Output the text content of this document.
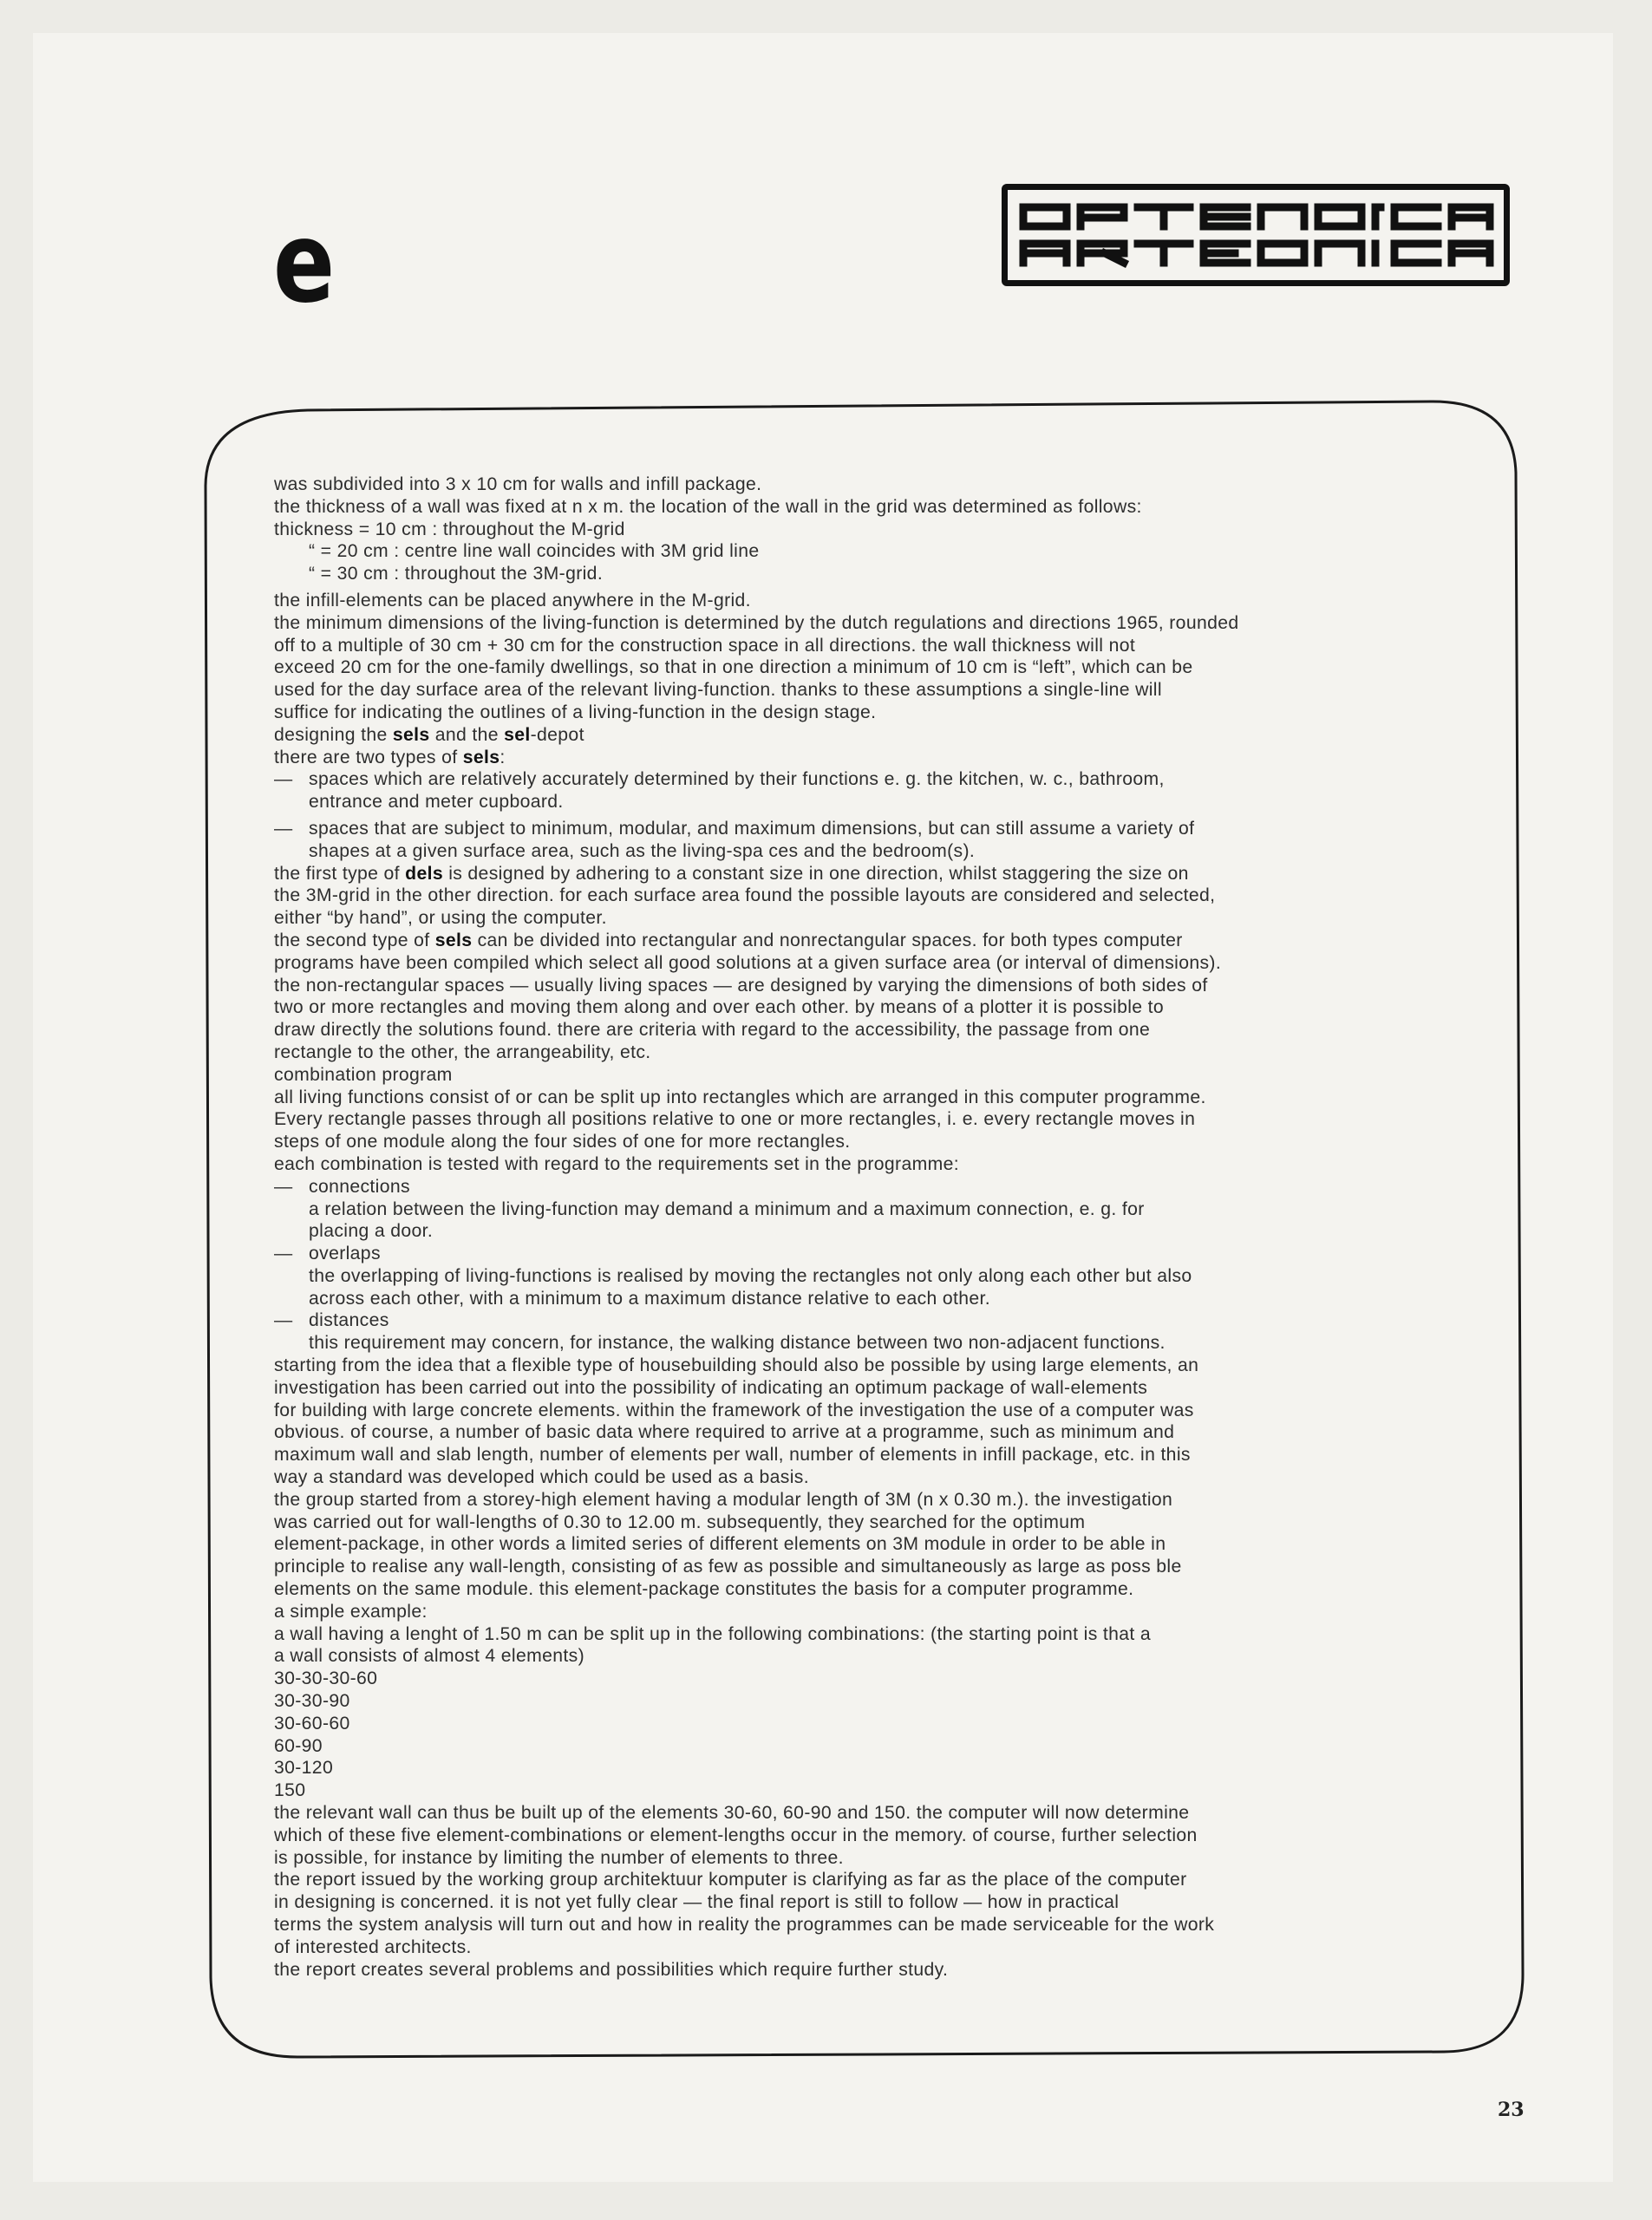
e
was subdivided into 3 x 10 cm for walls and infill package.
the thickness of a wall was fixed at n x m. the location of the wall in the grid was determined as follows:
thickness = 10 cm : throughout the M-grid
“ = 20 cm : centre line wall coincides with 3M grid line
“ = 30 cm : throughout the 3M-grid.
the infill-elements can be placed anywhere in the M-grid.
the minimum dimensions of the living-function is determined by the dutch regulations and directions 1965, rounded
off to a multiple of 30 cm + 30 cm for the construction space in all directions. the wall thickness will not
exceed 20 cm for the one-family dwellings, so that in one direction a minimum of 10 cm is “left”, which can be
used for the day surface area of the relevant living-function. thanks to these assumptions a single-line will
suffice for indicating the outlines of a living-function in the design stage.
designing the sels and the sel-depot
there are two types of sels:
— spaces which are relatively accurately determined by their functions e. g. the kitchen, w. c., bathroom,
entrance and meter cupboard.
— spaces that are subject to minimum, modular, and maximum dimensions, but can still assume a variety of
shapes at a given surface area, such as the living-spa ces and the bedroom(s).
the first type of dels is designed by adhering to a constant size in one direction, whilst staggering the size on
the 3M-grid in the other direction. for each surface area found the possible layouts are considered and selected,
either “by hand”, or using the computer.
the second type of sels can be divided into rectangular and nonrectangular spaces. for both types computer
programs have been compiled which select all good solutions at a given surface area (or interval of dimensions).
the non-rectangular spaces — usually living spaces — are designed by varying the dimensions of both sides of
two or more rectangles and moving them along and over each other. by means of a plotter it is possible to
draw directly the solutions found. there are criteria with regard to the accessibility, the passage from one
rectangle to the other, the arrangeability, etc.
combination program
all living functions consist of or can be split up into rectangles which are arranged in this computer programme.
Every rectangle passes through all positions relative to one or more rectangles, i. e. every rectangle moves in
steps of one module along the four sides of one for more rectangles.
each combination is tested with regard to the requirements set in the programme:
— connections
a relation between the living-function may demand a minimum and a maximum connection, e. g. for
placing a door.
— overlaps
the overlapping of living-functions is realised by moving the rectangles not only along each other but also
across each other, with a minimum to a maximum distance relative to each other.
— distances
this requirement may concern, for instance, the walking distance between two non-adjacent functions.
starting from the idea that a flexible type of housebuilding should also be possible by using large elements, an
investigation has been carried out into the possibility of indicating an optimum package of wall-elements
for building with large concrete elements. within the framework of the investigation the use of a computer was
obvious. of course, a number of basic data where required to arrive at a programme, such as minimum and
maximum wall and slab length, number of elements per wall, number of elements in infill package, etc. in this
way a standard was developed which could be used as a basis.
the group started from a storey-high element having a modular length of 3M (n x 0.30 m.). the investigation
was carried out for wall-lengths of 0.30 to 12.00 m. subsequently, they searched for the optimum
element-package, in other words a limited series of different elements on 3M module in order to be able in
principle to realise any wall-length, consisting of as few as possible and simultaneously as large as poss ble
elements on the same module. this element-package constitutes the basis for a computer programme.
a simple example:
a wall having a lenght of 1.50 m can be split up in the following combinations: (the starting point is that a
a wall consists of almost 4 elements)
30-30-30-60
30-30-90
30-60-60
60-90
30-120
150
the relevant wall can thus be built up of the elements 30-60, 60-90 and 150. the computer will now determine
which of these five element-combinations or element-lengths occur in the memory. of course, further selection
is possible, for instance by limiting the number of elements to three.
the report issued by the working group architektuur komputer is clarifying as far as the place of the computer
in designing is concerned. it is not yet fully clear — the final report is still to follow — how in practical
terms the system analysis will turn out and how in reality the programmes can be made serviceable for the work
of interested architects.
the report creates several problems and possibilities which require further study.
23
